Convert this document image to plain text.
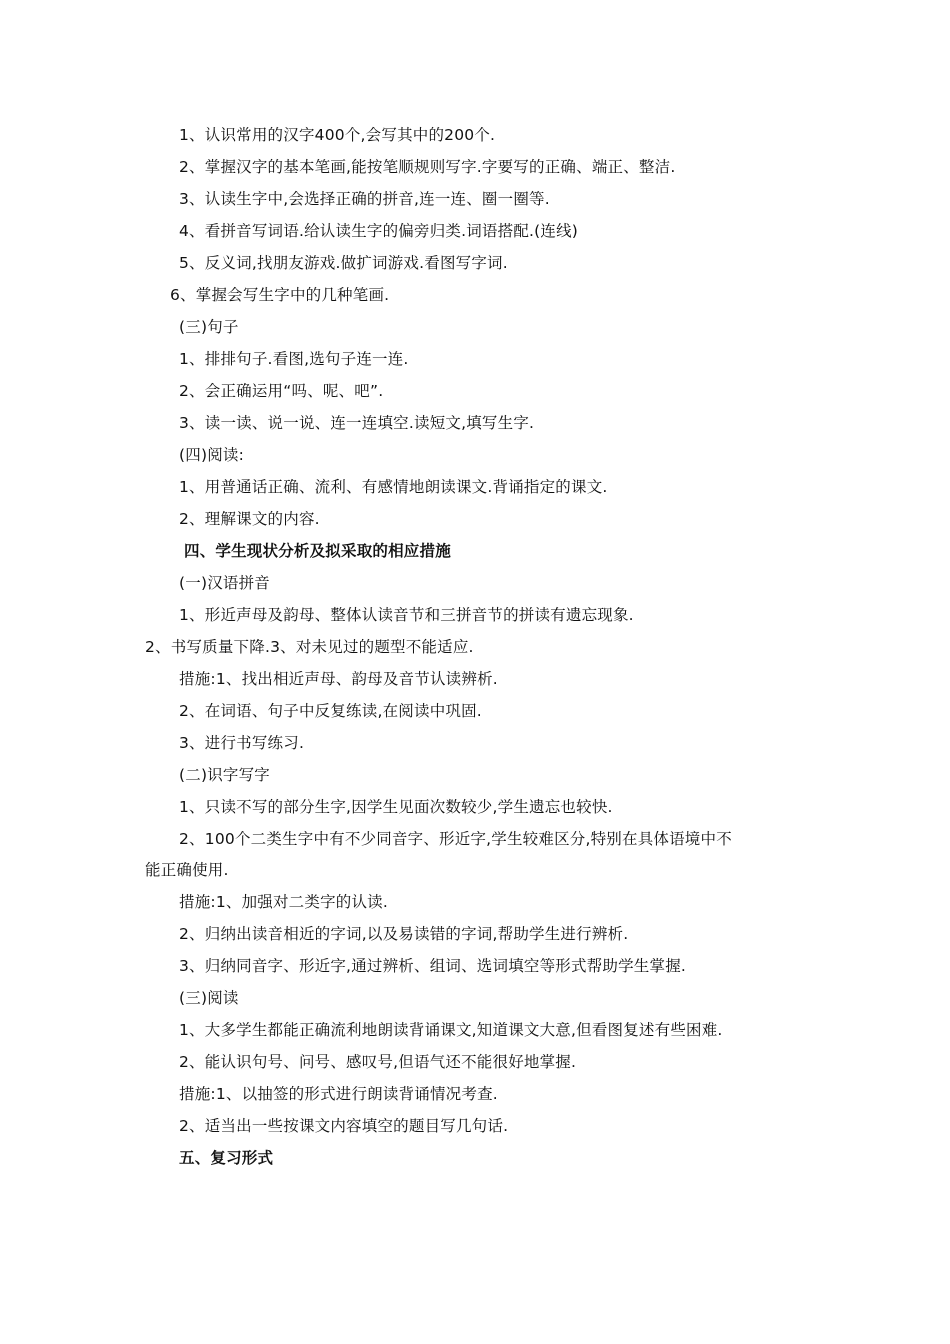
1、认识常用的汉字400个,会写其中的200个.
2、掌握汉字的基本笔画,能按笔顺规则写字.字要写的正确、端正、整洁.
3、认读生字中,会选择正确的拼音,连一连、圈一圈等.
4、看拼音写词语.给认读生字的偏旁归类.词语搭配.(连线)
5、反义词,找朋友游戏.做扩词游戏.看图写字词.
6、掌握会写生字中的几种笔画.
(三)句子
1、排排句子.看图,选句子连一连.
2、会正确运用“吗、呢、吧”.
3、读一读、说一说、连一连填空.读短文,填写生字.
(四)阅读:
1、用普通话正确、流利、有感情地朗读课文.背诵指定的课文.
2、理解课文的内容.
四、学生现状分析及拟采取的相应措施
(一)汉语拼音
1、形近声母及韵母、整体认读音节和三拼音节的拼读有遗忘现象.
2、书写质量下降.3、对未见过的题型不能适应.
措施:1、找出相近声母、韵母及音节认读辨析.
2、在词语、句子中反复练读,在阅读中巩固.
3、进行书写练习.
(二)识字写字
1、只读不写的部分生字,因学生见面次数较少,学生遗忘也较快.
2、100个二类生字中有不少同音字、形近字,学生较难区分,特别在具体语境中不
能正确使用.
措施:1、加强对二类字的认读.
2、归纳出读音相近的字词,以及易读错的字词,帮助学生进行辨析.
3、归纳同音字、形近字,通过辨析、组词、选词填空等形式帮助学生掌握.
(三)阅读
1、大多学生都能正确流利地朗读背诵课文,知道课文大意,但看图复述有些困难.
2、能认识句号、问号、感叹号,但语气还不能很好地掌握.
措施:1、以抽签的形式进行朗读背诵情况考查.
2、适当出一些按课文内容填空的题目写几句话.
五、复习形式
